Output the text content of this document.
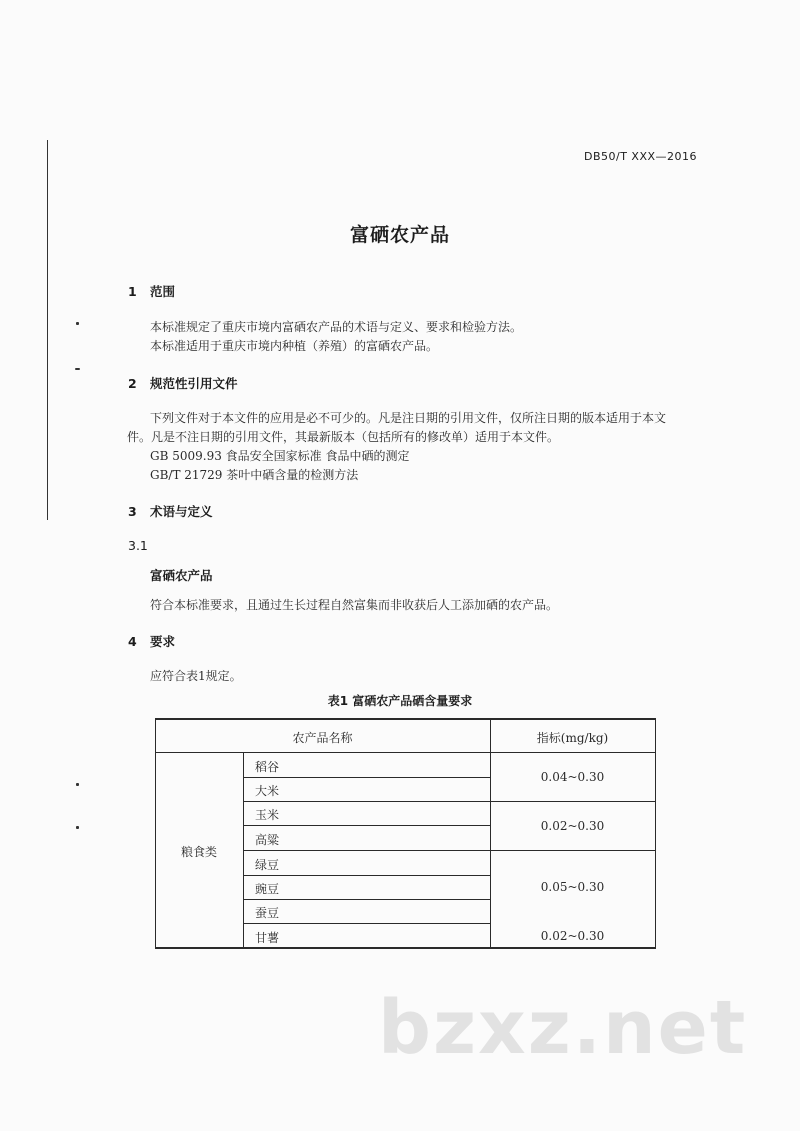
DB50/T XXX—2016
富硒农产品
1 范围
本标准规定了重庆市境内富硒农产品的术语与定义、要求和检验方法。
本标准适用于重庆市境内种植（养殖）的富硒农产品。
2 规范性引用文件
下列文件对于本文件的应用是必不可少的。凡是注日期的引用文件，仅所注日期的版本适用于本文
件。凡是不注日期的引用文件，其最新版本（包括所有的修改单）适用于本文件。
GB 5009.93 食品安全国家标准 食品中硒的测定
GB/T 21729 茶叶中硒含量的检测方法
3 术语与定义
3.1
富硒农产品
符合本标准要求，且通过生长过程自然富集而非收获后人工添加硒的农产品。
4 要求
应符合表1规定。
表1 富硒农产品硒含量要求
农产品名称	指标(mg/kg)
粮食类
稻谷
大米
玉米
高粱
绿豆
豌豆
蚕豆
甘薯
0.04~0.30
0.02~0.30
0.05~0.30
0.02~0.30
bzxz.net
